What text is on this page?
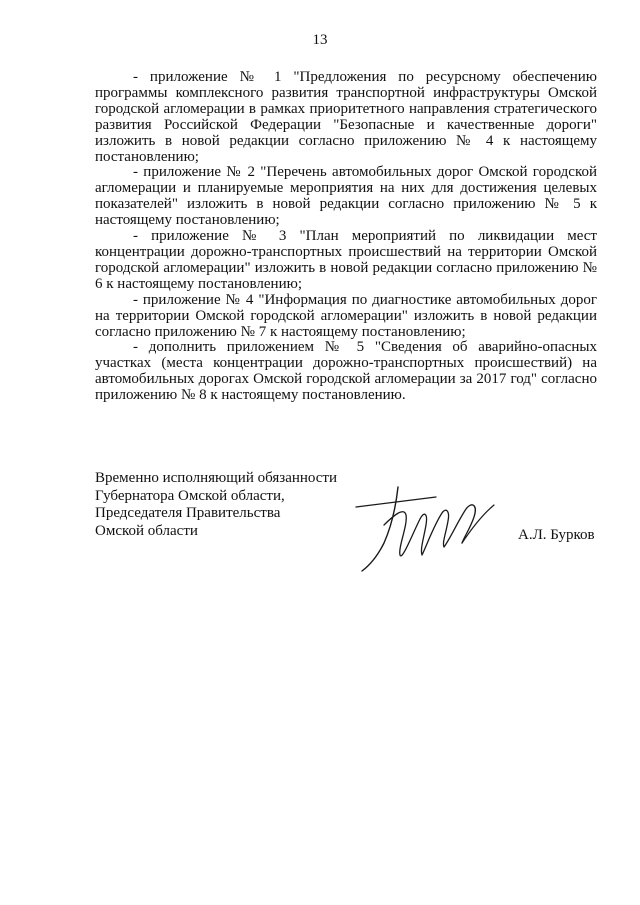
13

- приложение № 1 "Предложения по ресурсному обеспечению программы комплексного развития транспортной инфраструктуры Омской городской агломерации в рамках приоритетного направления стратегического развития Российской Федерации "Безопасные и качественные дороги" изложить в новой редакции согласно приложению № 4 к настоящему постановлению;

- приложение № 2 "Перечень автомобильных дорог Омской городской агломерации и планируемые мероприятия на них для достижения целевых показателей" изложить в новой редакции согласно приложению № 5 к настоящему постановлению;

- приложение № 3 "План мероприятий по ликвидации мест концентрации дорожно-транспортных происшествий на территории Омской городской агломерации" изложить в новой редакции согласно приложению № 6 к настоящему постановлению;

- приложение № 4 "Информация по диагностике автомобильных дорог на территории Омской городской агломерации" изложить в новой редакции согласно приложению № 7 к настоящему постановлению;

- дополнить приложением № 5 "Сведения об аварийно-опасных участках (места концентрации дорожно-транспортных происшествий) на автомобильных дорогах Омской городской агломерации за 2017 год" согласно приложению № 8 к настоящему постановлению.

Временно исполняющий обязанности
Губернатора Омской области,
Председателя Правительства
Омской области	А.Л. Бурков
